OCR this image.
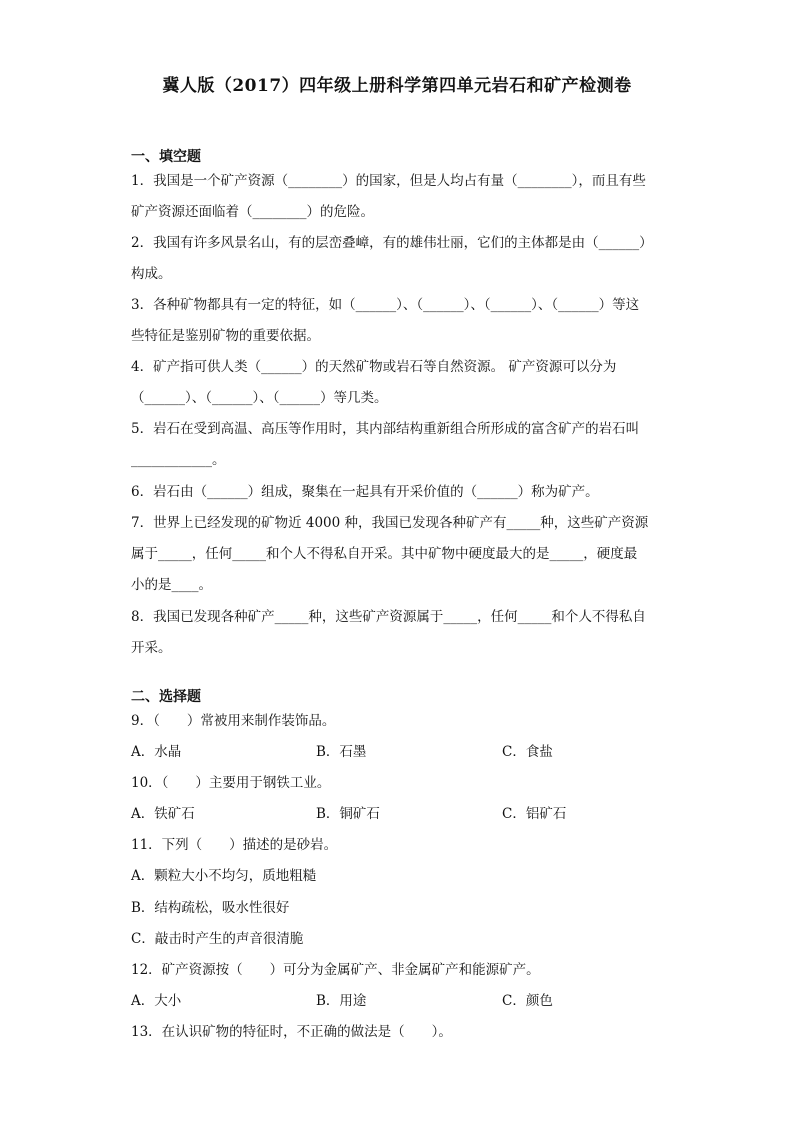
冀人版（2017）四年级上册科学第四单元岩石和矿产检测卷
一、填空题
1．我国是一个矿产资源（________）的国家，但是人均占有量（________），而且有些
矿产资源还面临着（________）的危险。
2．我国有许多风景名山，有的层峦叠嶂，有的雄伟壮丽，它们的主体都是由（______）
构成。
3．各种矿物都具有一定的特征，如（______）、（______）、（______）、（______）等这
些特征是鉴别矿物的重要依据。
4．矿产指可供人类（______）的天然矿物或岩石等自然资源。 矿产资源可以分为
（______）、（______）、（______）等几类。
5．岩石在受到高温、高压等作用时，其内部结构重新组合所形成的富含矿产的岩石叫
____________。
6．岩石由（______）组成，聚集在一起具有开采价值的（______）称为矿产。
7．世界上已经发现的矿物近 4000 种，我国已发现各种矿产有_____种，这些矿产资源
属于_____，任何_____和个人不得私自开采。其中矿物中硬度最大的是_____，硬度最
小的是____。
8．我国已发现各种矿产_____种，这些矿产资源属于_____，任何_____和个人不得私自
开采。
二、选择题
9．（　　）常被用来制作装饰品。
A．水晶	B．石墨	C．食盐
10．（　　）主要用于钢铁工业。
A．铁矿石	B．铜矿石	C．铝矿石
11．下列（　　）描述的是砂岩。
A．颗粒大小不均匀，质地粗糙
B．结构疏松，吸水性很好
C．敲击时产生的声音很清脆
12．矿产资源按（　　）可分为金属矿产、非金属矿产和能源矿产。
A．大小	B．用途	C．颜色
13．在认识矿物的特征时，不正确的做法是（　　）。
